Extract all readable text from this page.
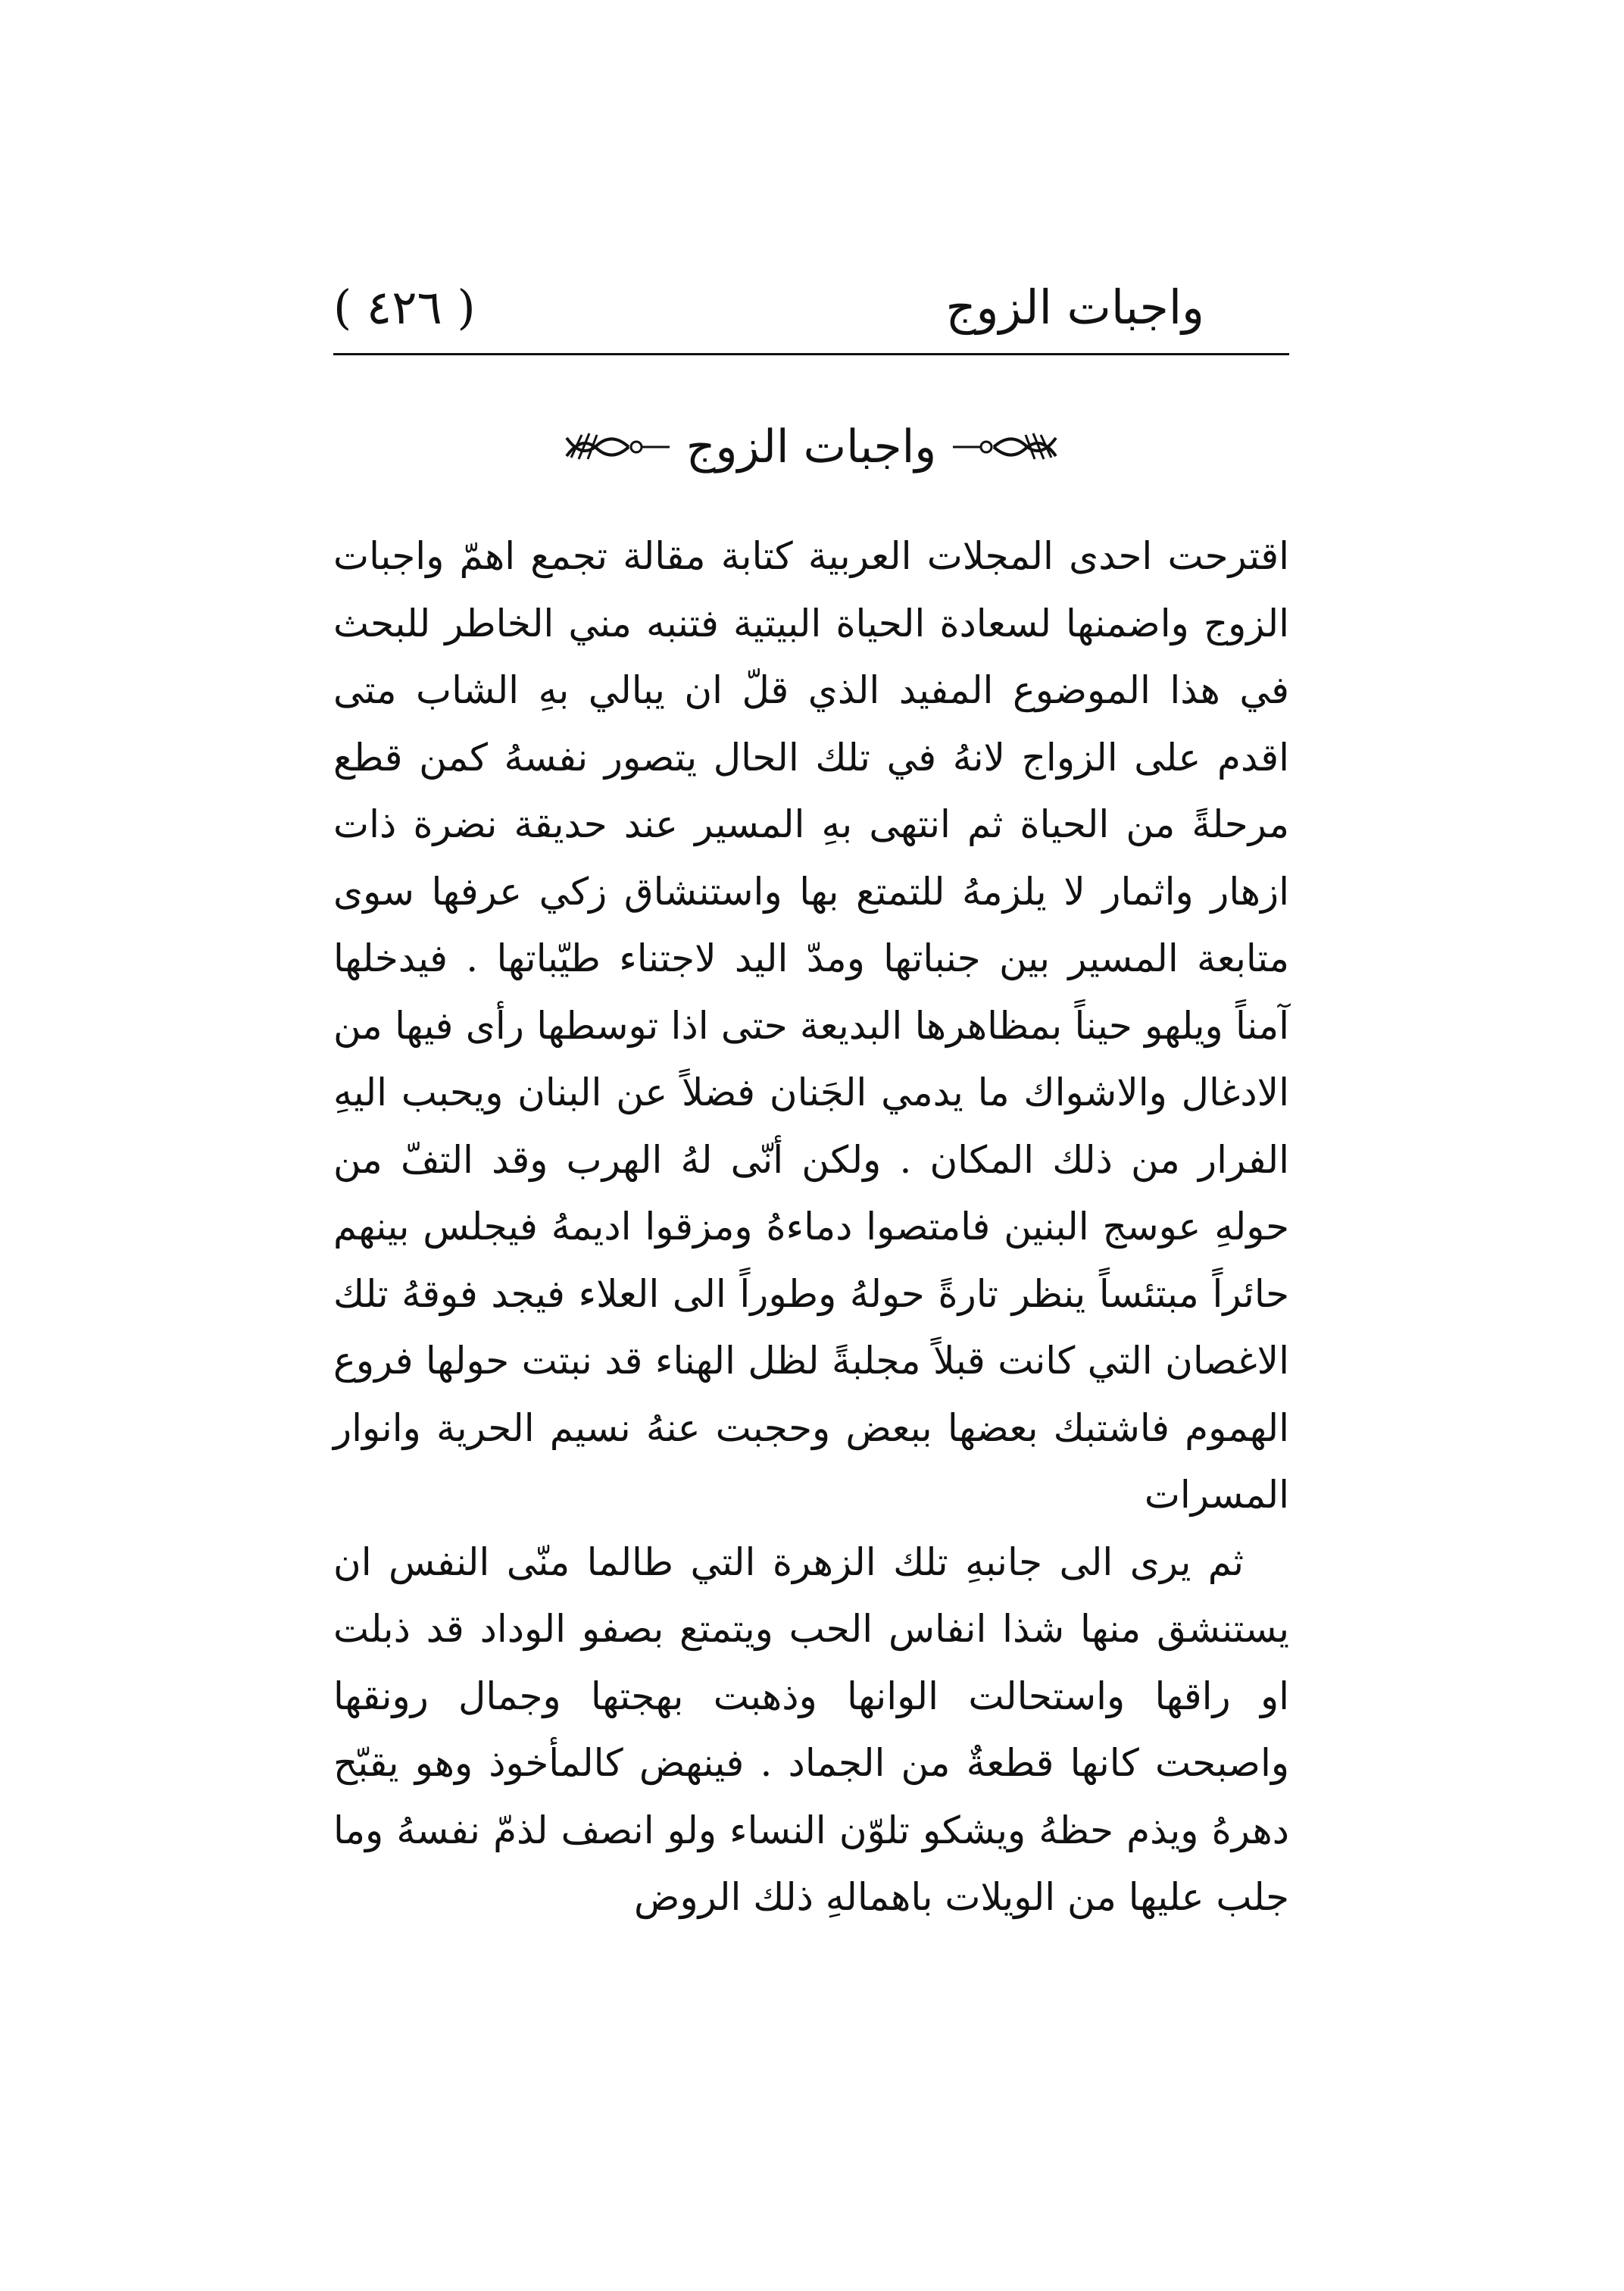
واجبات الزوج
( ٤٢٦ )
واجبات الزوج

اقترحت احدى المجلات العربية كتابة مقالة تجمع اهمّ واجبات الزوج واضمنها لسعادة الحياة البيتية فتنبه مني الخاطر للبحث في هذا الموضوع المفيد الذي قلّ ان يبالي بهِ الشاب متى اقدم على الزواج لانهُ في تلك الحال يتصور نفسهُ كمن قطع مرحلةً من الحياة ثم انتهى بهِ المسير عند حديقة نضرة ذات ازهار واثمار لا يلزمهُ للتمتع بها واستنشاق زكي عرفها سوى متابعة المسير بين جنباتها ومدّ اليد لاجتناء طيّباتها . فيدخلها آمناً ويلهو حيناً بمظاهرها البديعة حتى اذا توسطها رأى فيها من الادغال والاشواك ما يدمي الجَنان فضلاً عن البنان ويحبب اليهِ الفرار من ذلك المكان . ولكن أنّى لهُ الهرب وقد التفّ من حولهِ عوسج البنين فامتصوا دماءهُ ومزقوا اديمهُ فيجلس بينهم حائراً مبتئساً ينظر تارةً حولهُ وطوراً الى العلاء فيجد فوقهُ تلك الاغصان التي كانت قبلاً مجلبةً لظل الهناء قد نبتت حولها فروع الهموم فاشتبك بعضها ببعض وحجبت عنهُ نسيم الحرية وانوار المسرات

ثم يرى الى جانبهِ تلك الزهرة التي طالما منّى النفس ان يستنشق منها شذا انفاس الحب ويتمتع بصفو الوداد قد ذبلت او راقها واستحالت الوانها وذهبت بهجتها وجمال رونقها واصبحت كانها قطعةٌ من الجماد . فينهض كالمأخوذ وهو يقبّح دهرهُ ويذم حظهُ ويشكو تلوّن النساء ولو انصف لذمّ نفسهُ وما جلب عليها من الويلات باهمالهِ ذلك الروض
